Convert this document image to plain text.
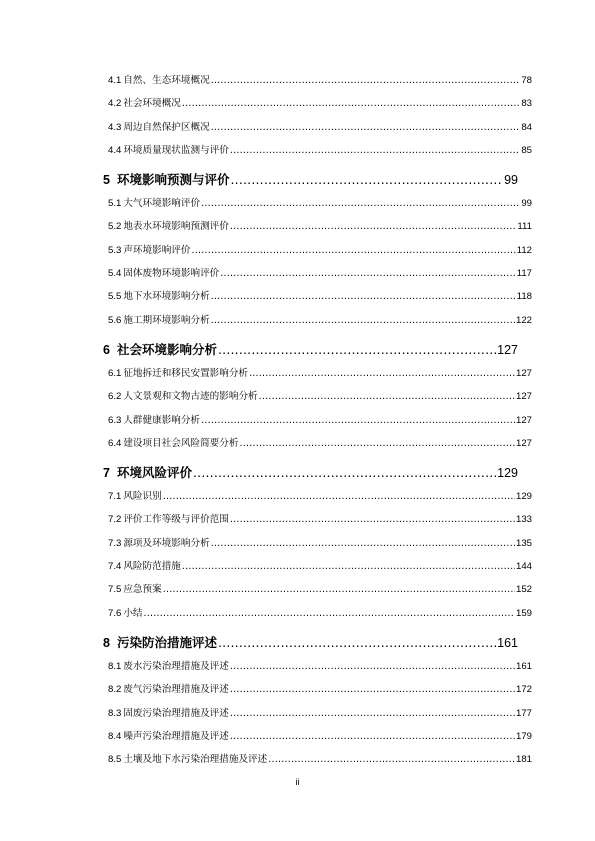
4.1 自然、生态环境概况 .....	78
4.2 社会环境概况 .....	83
4.3 周边自然保护区概况 .....	84
4.4 环境质量现状监测与评价 .....	85
5 环境影响预测与评价 .....	99
5.1 大气环境影响评价 .....	99
5.2 地表水环境影响预测评价 .....	111
5.3 声环境影响评价 .....	112
5.4 固体废物环境影响评价 .....	117
5.5 地下水环境影响分析 .....	118
5.6 施工期环境影响分析 .....	122
6 社会环境影响分析 .....	127
6.1 征地拆迁和移民安置影响分析 .....	127
6.2 人文景观和文物古迹的影响分析 .....	127
6.3 人群健康影响分析 .....	127
6.4 建设项目社会风险简要分析 .....	127
7 环境风险评价 .....	129
7.1 风险识别 .....	129
7.2 评价工作等级与评价范围 .....	133
7.3 源项及环境影响分析 .....	135
7.4 风险防范措施 .....	144
7.5 应急预案 .....	152
7.6 小结 .....	159
8 污染防治措施评述 .....	161
8.1 废水污染治理措施及评述 .....	161
8.2 废气污染治理措施及评述 .....	172
8.3 固废污染治理措施及评述 .....	177
8.4 噪声污染治理措施及评述 .....	179
8.5 土壤及地下水污染治理措施及评述 .....	181
ii
